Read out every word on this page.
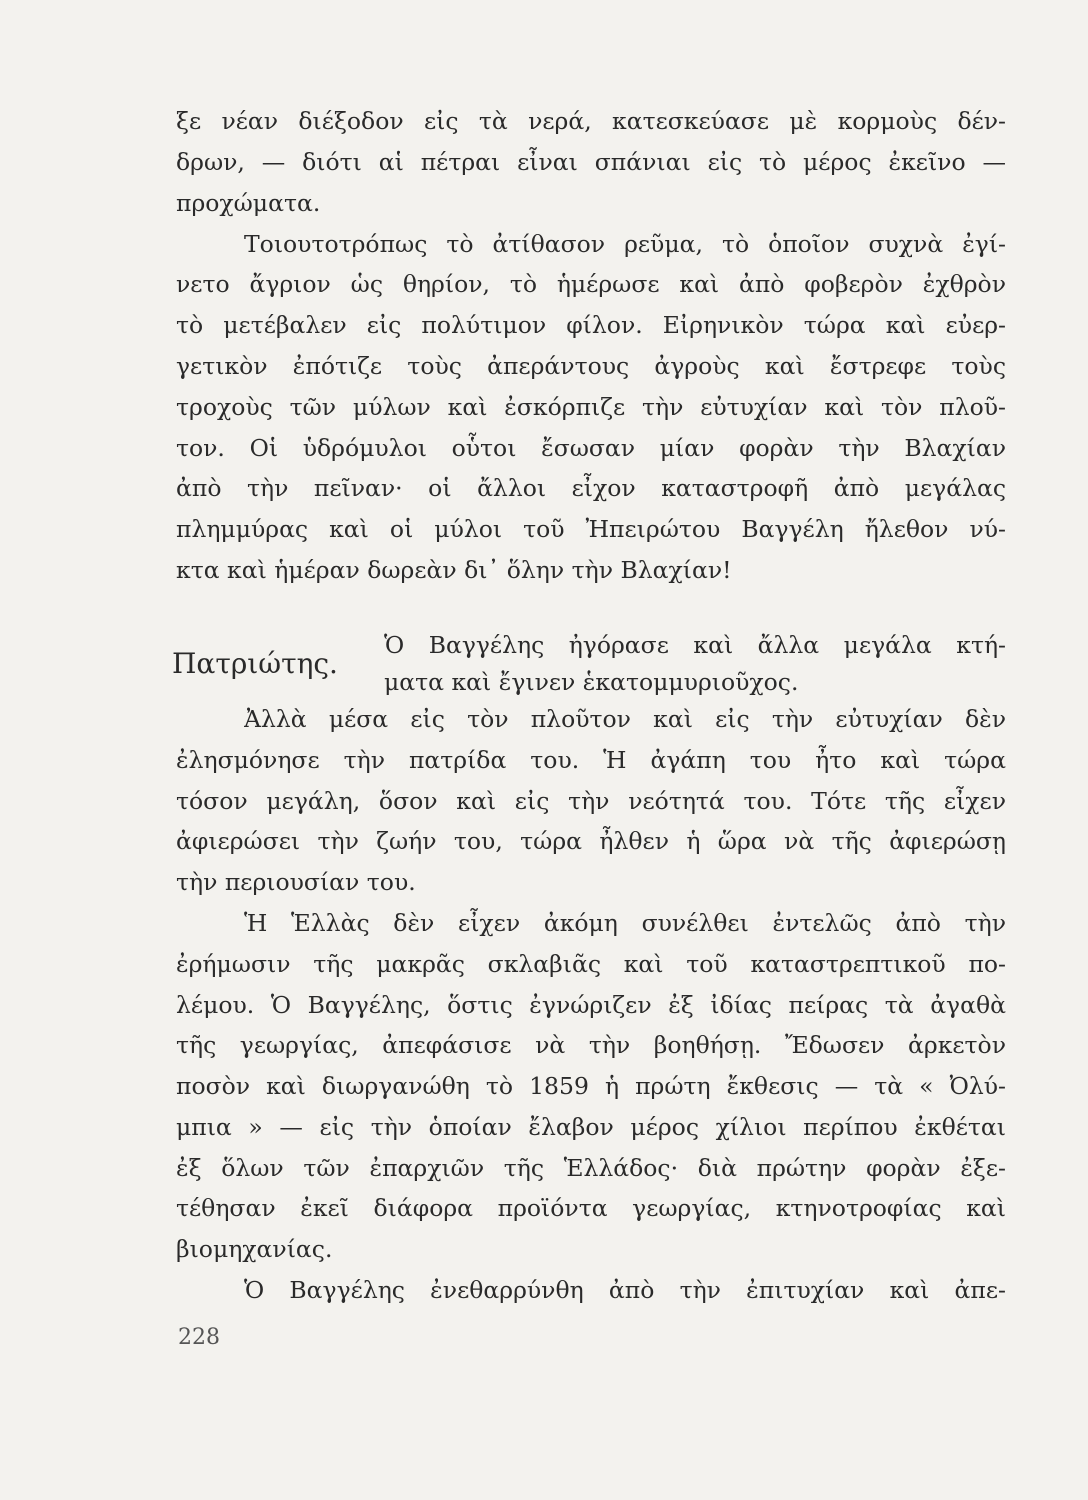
ξε νέαν διέξοδον εἰς τὰ νερά, κατεσκεύασε μὲ κορμοὺς δέν-
δρων, — διότι αἱ πέτραι εἶναι σπάνιαι εἰς τὸ μέρος ἐκεῖνο —
προχώματα.
Τοιουτοτρόπως τὸ ἀτίθασον ρεῦμα, τὸ ὁποῖον συχνὰ ἐγί-
νετο ἄγριον ὡς θηρίον, τὸ ἡμέρωσε καὶ ἀπὸ φοβερὸν ἐχθρὸν
τὸ μετέβαλεν εἰς πολύτιμον φίλον. Εἰρηνικὸν τώρα καὶ εὐερ-
γετικὸν ἐπότιζε τοὺς ἀπεράντους ἀγροὺς καὶ ἔστρεφε τοὺς
τροχοὺς τῶν μύλων καὶ ἐσκόρπιζε τὴν εὐτυχίαν καὶ τὸν πλοῦ-
τον. Οἱ ὑδρόμυλοι οὗτοι ἔσωσαν μίαν φορὰν τὴν Βλαχίαν
ἀπὸ τὴν πεῖναν· οἱ ἄλλοι εἶχον καταστροφῆ ἀπὸ μεγάλας
πλημμύρας καὶ οἱ μύλοι τοῦ Ἠπειρώτου Βαγγέλη ἤλεθον νύ-
κτα καὶ ἡμέραν δωρεὰν δι᾽ ὅλην τὴν Βλαχίαν!
Πατριώτης.
Ὁ Βαγγέλης ἠγόρασε καὶ ἄλλα μεγάλα κτή-
ματα καὶ ἔγινεν ἑκατομμυριοῦχος.
Ἀλλὰ μέσα εἰς τὸν πλοῦτον καὶ εἰς τὴν εὐτυχίαν δὲν
ἐλησμόνησε τὴν πατρίδα του. Ἡ ἀγάπη του ἦτο καὶ τώρα
τόσον μεγάλη, ὅσον καὶ εἰς τὴν νεότητά του. Τότε τῆς εἶχεν
ἀφιερώσει τὴν ζωήν του, τώρα ἦλθεν ἡ ὥρα νὰ τῆς ἀφιερώσῃ
τὴν περιουσίαν του.
Ἡ Ἑλλὰς δὲν εἶχεν ἀκόμη συνέλθει ἐντελῶς ἀπὸ τὴν
ἐρήμωσιν τῆς μακρᾶς σκλαβιᾶς καὶ τοῦ καταστρεπτικοῦ πο-
λέμου. Ὁ Βαγγέλης, ὅστις ἐγνώριζεν ἐξ ἰδίας πείρας τὰ ἀγαθὰ
τῆς γεωργίας, ἀπεφάσισε νὰ τὴν βοηθήσῃ. Ἔδωσεν ἀρκετὸν
ποσὸν καὶ διωργανώθη τὸ 1859 ἡ πρώτη ἔκθεσις — τὰ « Ὀλύ-
μπια » — εἰς τὴν ὁποίαν ἔλαβον μέρος χίλιοι περίπου ἐκθέται
ἐξ ὅλων τῶν ἐπαρχιῶν τῆς Ἑλλάδος· διὰ πρώτην φορὰν ἐξε-
τέθησαν ἐκεῖ διάφορα προϊόντα γεωργίας, κτηνοτροφίας καὶ
βιομηχανίας.
Ὁ Βαγγέλης ἐνεθαρρύνθη ἀπὸ τὴν ἐπιτυχίαν καὶ ἀπε-
228
